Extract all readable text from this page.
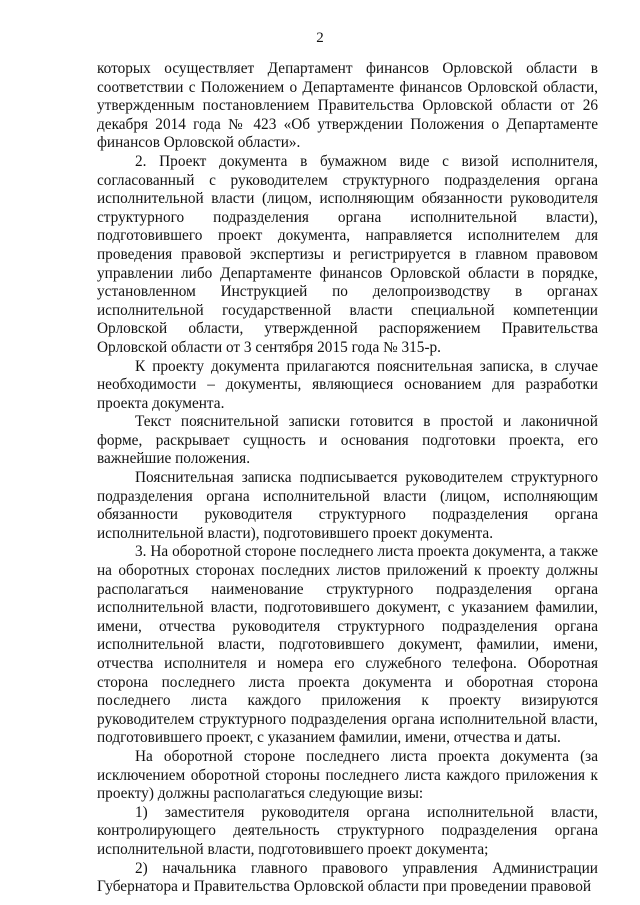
2

которых осуществляет Департамент финансов Орловской области в соответствии с Положением о Департаменте финансов Орловской области, утвержденным постановлением Правительства Орловской области от 26 декабря 2014 года № 423 «Об утверждении Положения о Департаменте финансов Орловской области».

2. Проект документа в бумажном виде с визой исполнителя, согласованный с руководителем структурного подразделения органа исполнительной власти (лицом, исполняющим обязанности руководителя структурного подразделения органа исполнительной власти), подготовившего проект документа, направляется исполнителем для проведения правовой экспертизы и регистрируется в главном правовом управлении либо Департаменте финансов Орловской области в порядке, установленном Инструкцией по делопроизводству в органах исполнительной государственной власти специальной компетенции Орловской области, утвержденной распоряжением Правительства Орловской области от 3 сентября 2015 года № 315-р.

К проекту документа прилагаются пояснительная записка, в случае необходимости – документы, являющиеся основанием для разработки проекта документа.

Текст пояснительной записки готовится в простой и лаконичной форме, раскрывает сущность и основания подготовки проекта, его важнейшие положения.

Пояснительная записка подписывается руководителем структурного подразделения органа исполнительной власти (лицом, исполняющим обязанности руководителя структурного подразделения органа исполнительной власти), подготовившего проект документа.

3. На оборотной стороне последнего листа проекта документа, а также на оборотных сторонах последних листов приложений к проекту должны располагаться наименование структурного подразделения органа исполнительной власти, подготовившего документ, с указанием фамилии, имени, отчества руководителя структурного подразделения органа исполнительной власти, подготовившего документ, фамилии, имени, отчества исполнителя и номера его служебного телефона. Оборотная сторона последнего листа проекта документа и оборотная сторона последнего листа каждого приложения к проекту визируются руководителем структурного подразделения органа исполнительной власти, подготовившего проект, с указанием фамилии, имени, отчества и даты.

На оборотной стороне последнего листа проекта документа (за исключением оборотной стороны последнего листа каждого приложения к проекту) должны располагаться следующие визы:

1) заместителя руководителя органа исполнительной власти, контролирующего деятельность структурного подразделения органа исполнительной власти, подготовившего проект документа;

2) начальника главного правового управления Администрации Губернатора и Правительства Орловской области при проведении правовой
